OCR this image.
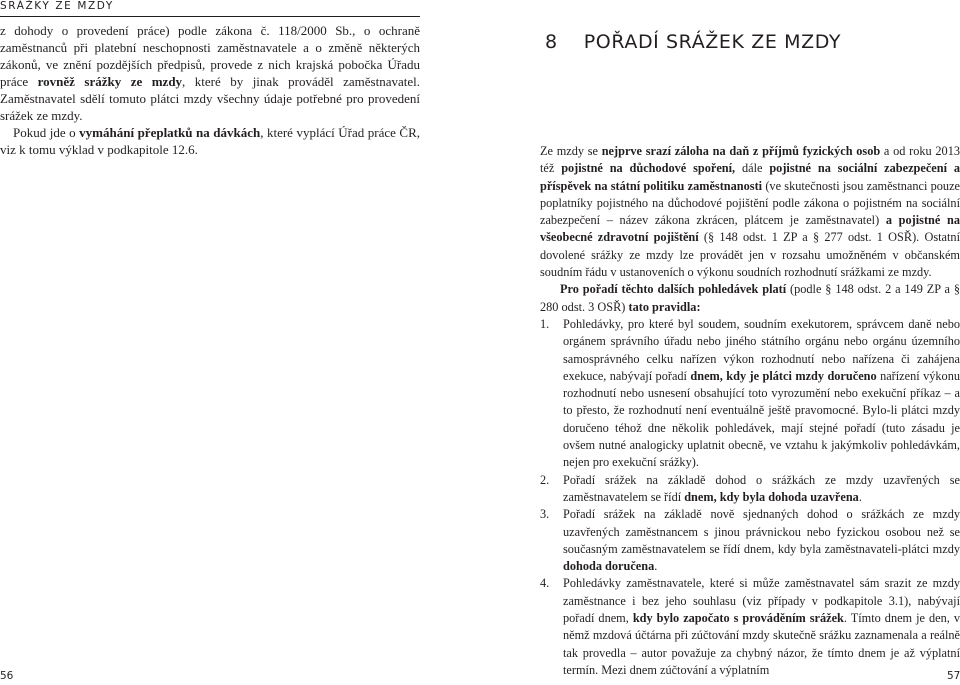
SRÁŽKY ZE MZDY

z dohody o provedení práce) podle zákona č. 118/2000 Sb., o ochraně zaměstnanců při platební neschopnosti zaměstnavatele a o změně některých zákonů, ve znění pozdějších předpisů, provede z nich krajská pobočka Úřadu práce rovněž srážky ze mzdy, které by jinak prováděl zaměstnavatel. Zaměstnavatel sdělí tomuto plátci mzdy všechny údaje potřebné pro provedení srážek ze mzdy.

Pokud jde o vymáhání přeplatků na dávkách, které vyplácí Úřad práce ČR, viz k tomu výklad v podkapitole 12.6.

56
8 POŘADÍ SRÁŽEK ZE MZDY

Ze mzdy se nejprve srazí záloha na daň z příjmů fyzických osob a od roku 2013 též pojistné na důchodové spoření, dále pojistné na sociální zabezpečení a příspěvek na státní politiku zaměstnanosti (ve skutečnosti jsou zaměstnanci pouze poplatníky pojistného na důchodové pojištění podle zákona o pojistném na sociální zabezpečení – název zákona zkrácen, plátcem je zaměstnavatel) a pojistné na všeobecné zdravotní pojištění (§ 148 odst. 1 ZP a § 277 odst. 1 OSŘ). Ostatní dovolené srážky ze mzdy lze provádět jen v rozsahu umožněném v občanském soudním řádu v ustanoveních o výkonu soudních rozhodnutí srážkami ze mzdy.

Pro pořadí těchto dalších pohledávek platí (podle § 148 odst. 2 a 149 ZP a § 280 odst. 3 OSŘ) tato pravidla:

1. Pohledávky, pro které byl soudem, soudním exekutorem, správcem daně nebo orgánem správního úřadu nebo jiného státního orgánu nebo orgánu územního samosprávného celku nařízen výkon rozhodnutí nebo nařízena či zahájena exekuce, nabývají pořadí dnem, kdy je plátci mzdy doručeno nařízení výkonu rozhodnutí nebo usnesení obsahující toto vyrozumění nebo exekuční příkaz – a to přesto, že rozhodnutí není eventuálně ještě pravomocné. Bylo-li plátci mzdy doručeno téhož dne několik pohledávek, mají stejné pořadí (tuto zásadu je ovšem nutné analogicky uplatnit obecně, ve vztahu k jakýmkoliv pohledávkám, nejen pro exekuční srážky).
2. Pořadí srážek na základě dohod o srážkách ze mzdy uzavřených se zaměstnavatelem se řídí dnem, kdy byla dohoda uzavřena.
3. Pořadí srážek na základě nově sjednaných dohod o srážkách ze mzdy uzavřených zaměstnancem s jinou právnickou nebo fyzickou osobou než se současným zaměstnavatelem se řídí dnem, kdy byla zaměstnavateli-plátci mzdy dohoda doručena.
4. Pohledávky zaměstnavatele, které si může zaměstnavatel sám srazit ze mzdy zaměstnance i bez jeho souhlasu (viz případy v podkapitole 3.1), nabývají pořadí dnem, kdy bylo započato s prováděním srážek. Tímto dnem je den, v němž mzdová účtárna při zúčtování mzdy skutečně srážku zaznamenala a reálně tak provedla – autor považuje za chybný názor, že tímto dnem je až výplatní termín. Mezi dnem zúčtování a výplatním	57
